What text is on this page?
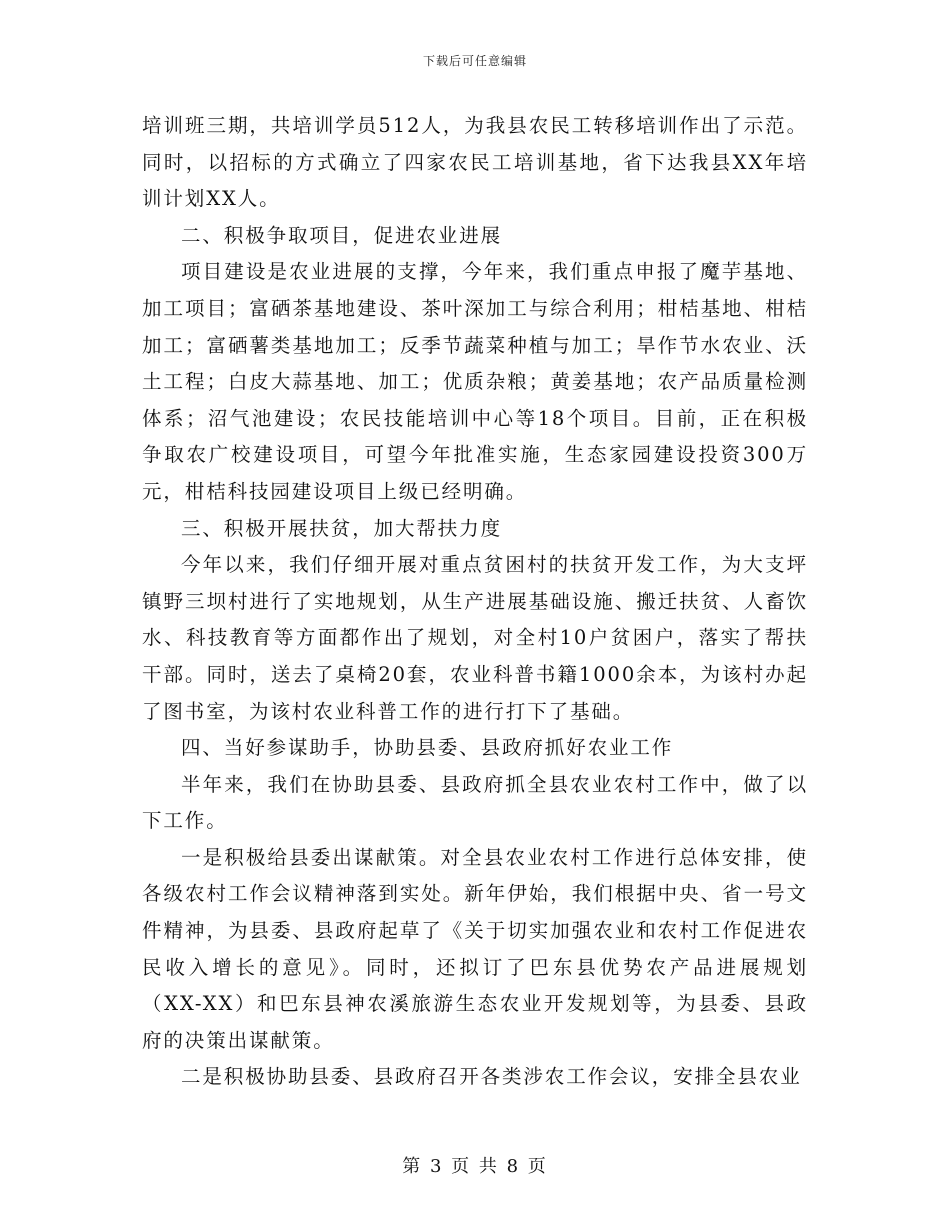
下载后可任意编辑

培训班三期，共培训学员512人，为我县农民工转移培训作出了示范。同时，以招标的方式确立了四家农民工培训基地，省下达我县XX年培训计划XX人。

二、积极争取项目，促进农业进展

项目建设是农业进展的支撑，今年来，我们重点申报了魔芋基地、加工项目；富硒茶基地建设、茶叶深加工与综合利用；柑桔基地、柑桔加工；富硒薯类基地加工；反季节蔬菜种植与加工；旱作节水农业、沃土工程；白皮大蒜基地、加工；优质杂粮；黄姜基地；农产品质量检测体系；沼气池建设；农民技能培训中心等18个项目。目前，正在积极争取农广校建设项目，可望今年批准实施，生态家园建设投资300万元，柑桔科技园建设项目上级已经明确。

三、积极开展扶贫，加大帮扶力度

今年以来，我们仔细开展对重点贫困村的扶贫开发工作，为大支坪镇野三坝村进行了实地规划，从生产进展基础设施、搬迁扶贫、人畜饮水、科技教育等方面都作出了规划，对全村10户贫困户，落实了帮扶干部。同时，送去了桌椅20套，农业科普书籍1000余本，为该村办起了图书室，为该村农业科普工作的进行打下了基础。

四、当好参谋助手，协助县委、县政府抓好农业工作

半年来，我们在协助县委、县政府抓全县农业农村工作中，做了以下工作。

一是积极给县委出谋献策。对全县农业农村工作进行总体安排，使各级农村工作会议精神落到实处。新年伊始，我们根据中央、省一号文件精神，为县委、县政府起草了《关于切实加强农业和农村工作促进农民收入增长的意见》。同时，还拟订了巴东县优势农产品进展规划（XX-XX）和巴东县神农溪旅游生态农业开发规划等，为县委、县政府的决策出谋献策。

二是积极协助县委、县政府召开各类涉农工作会议，安排全县农业

第 3 页 共 8 页
